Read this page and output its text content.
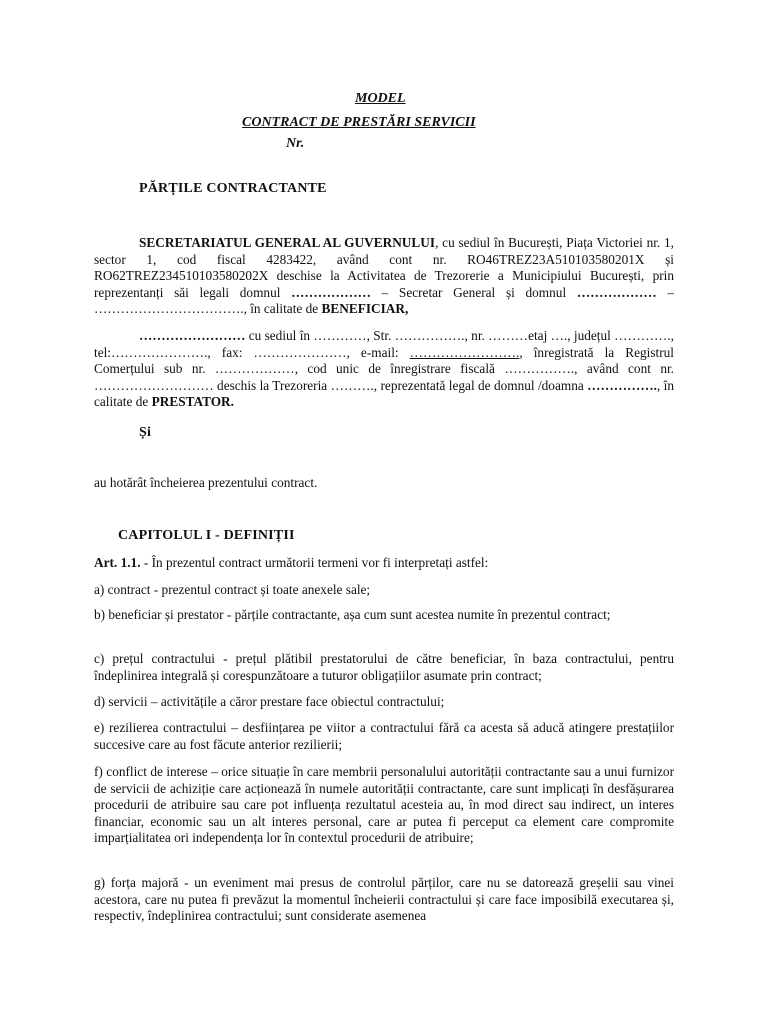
MODEL
CONTRACT DE PRESTĂRI SERVICII
Nr.
PĂRȚILE CONTRACTANTE
SECRETARIATUL GENERAL AL GUVERNULUI, cu sediul în București, Piața Victoriei nr. 1, sector 1, cod fiscal 4283422, având cont nr. RO46TREZ23A510103580201X și RO62TREZ234510103580202X deschise la Activitatea de Trezorerie a Municipiului București, prin reprezentanți săi legali domnul ……………… – Secretar General și domnul ……………… – ……………………………., în calitate de BENEFICIAR,
…………………… cu sediul în …………, Str. ……………., nr. ………etaj …., județul …………., tel:…………………., fax: …………………, e-mail: ……………………., înregistrată la Registrul Comerțului sub nr. ………………, cod unic de înregistrare fiscală ……………., având cont nr. ……………………… deschis la Trezoreria ………., reprezentată legal de domnul /doamna ……………., în calitate de PRESTATOR.
Și
au hotărât încheierea prezentului contract.
CAPITOLUL I - DEFINIȚII
Art. 1.1. - În prezentul contract următorii termeni vor fi interpretați astfel:
a) contract - prezentul contract și toate anexele sale;
b) beneficiar și prestator - părțile contractante, așa cum sunt acestea numite în prezentul contract;
c) prețul contractului - prețul plătibil prestatorului de către beneficiar, în baza contractului, pentru îndeplinirea integrală și corespunzătoare a tuturor obligațiilor asumate prin contract;
d) servicii – activitățile a căror prestare face obiectul contractului;
e) rezilierea contractului – desființarea pe viitor a contractului fără ca acesta să aducă atingere prestațiilor succesive care au fost făcute anterior rezilierii;
f) conflict de interese – orice situație în care membrii personalului autorității contractante sau a unui furnizor de servicii de achiziție care acționează în numele autorității contractante, care sunt implicați în desfășurarea procedurii de atribuire sau care pot influența rezultatul acesteia au, în mod direct sau indirect, un interes financiar, economic sau un alt interes personal, care ar putea fi perceput ca element care compromite imparțialitatea ori independența lor în contextul procedurii de atribuire;
g) forța majoră - un eveniment mai presus de controlul părților, care nu se datorează greșelii sau vinei acestora, care nu putea fi prevăzut la momentul încheierii contractului și care face imposibilă executarea și, respectiv, îndeplinirea contractului; sunt considerate asemenea
